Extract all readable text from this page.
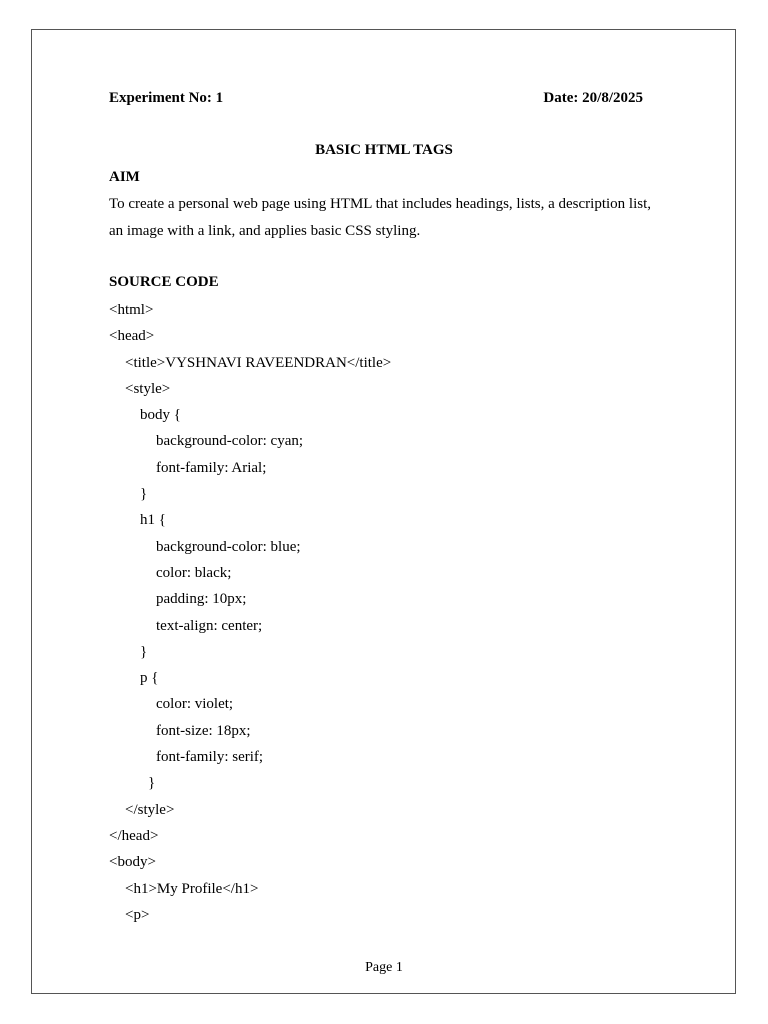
Experiment No: 1	Date: 20/8/2025
BASIC HTML TAGS
AIM
To create a personal web page using HTML that includes headings, lists, a description list, an image with a link, and applies basic CSS styling.
SOURCE CODE
<html>
<head>
<title>VYSHNAVI RAVEENDRAN</title>
<style>
body {
background-color: cyan;
font-family: Arial;
}
h1 {
background-color: blue;
color: black;
padding: 10px;
text-align: center;
}
p {
color: violet;
font-size: 18px;
font-family: serif;
}
</style>
</head>
<body>
<h1>My Profile</h1>
<p>
Page 1
